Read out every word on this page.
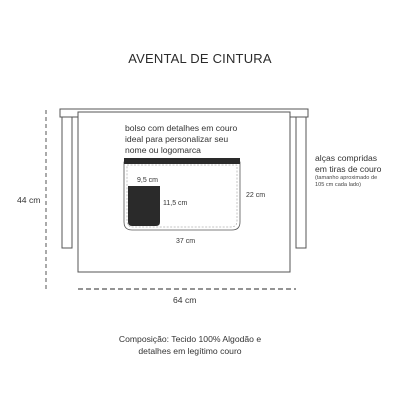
AVENTAL DE CINTURA
bolso com detalhes em couro
ideal para personalizar seu
nome ou logomarca
alças compridas
em tiras de couro
(tamanho aproximado de
105 cm cada lado)
44 cm
64 cm
37 cm
22 cm
9,5 cm
11,5 cm
Composição: Tecido 100% Algodão e
detalhes em legítimo couro
